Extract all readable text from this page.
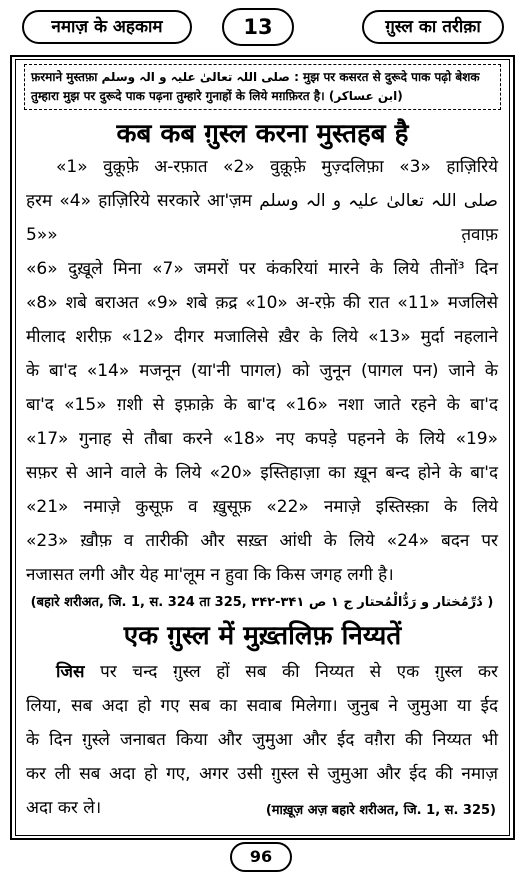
नमाज़ के अहकाम	13	ग़ुस्ल का तरीक़ा
फ़रमाने मुस्तफ़ा صلی اللہ تعالیٰ علیہ و الہ وسلم : मुझ पर कसरत से दुरूदे पाक पढ़ो बेशक तुम्हारा मुझ पर दुरूदे पाक पढ़ना तुम्हारे गुनाहों के लिये मग़फ़िरत है। (ابن عساکر)
कब कब ग़ुस्ल करना मुस्तहब है
«1» वुक़ूफ़े अ-रफ़ात «2» वुक़ूफ़े मुज़्दलिफ़ा «3» हाज़िरिये
हरम «4» हाज़िरिये सरकारे आ'ज़म صلی اللہ تعالیٰ علیہ و الہ وسلم «5» त़वाफ़
«6» दुख़ूले मिना «7» जमरों पर कंकरियां मारने के लिये तीनों³ दिन
«8» शबे बराअत «9» शबे क़द्र «10» अ-रफ़े की रात «11» मजलिसे
मीलाद शरीफ़ «12» दीगर मजालिसे ख़ैर के लिये «13» मुर्दा नहलाने
के बा'द «14» मजनून (या'नी पागल) को जुनून (पागल पन) जाने के
बा'द «15» ग़शी से इफ़ाक़े के बा'द «16» नशा जाते रहने के बा'द
«17» गुनाह से तौबा करने «18» नए कपड़े पहनने के लिये «19»
सफ़र से आने वाले के लिये «20» इस्तिहाज़ा का ख़ून बन्द होने के बा'द
«21» नमाज़े कुसूफ़ व ख़ुसूफ़ «22» नमाज़े इस्तिस्क़ा के लिये
«23» ख़ौफ़ व तारीकी और सख़्त आंधी के लिये «24» बदन पर
नजासत लगी और येह मा'लूम न हुवा कि किस जगह लगी है।
(बहारे शरीअत, जि. 1, स. 324 ता 325, دُرِّمُختار و رَدُّالْمُحتار ج ۱ ص ۳۴۱-۳۴۲ )
एक ग़ुस्ल में मुख़्तलिफ़ निय्यतें
जिस पर चन्द ग़ुस्ल हों सब की निय्यत से एक ग़ुस्ल कर
लिया, सब अदा हो गए सब का सवाब मिलेगा। जुनुब ने जुमुआ या ईद
के दिन ग़ुस्ले जनाबत किया और जुमुआ और ईद वग़ैरा की निय्यत भी
कर ली सब अदा हो गए, अगर उसी ग़ुस्ल से जुमुआ और ईद की नमाज़
अदा कर ले।	(माख़ूज़ अज़ बहारे शरीअत, जि. 1, स. 325)
96
